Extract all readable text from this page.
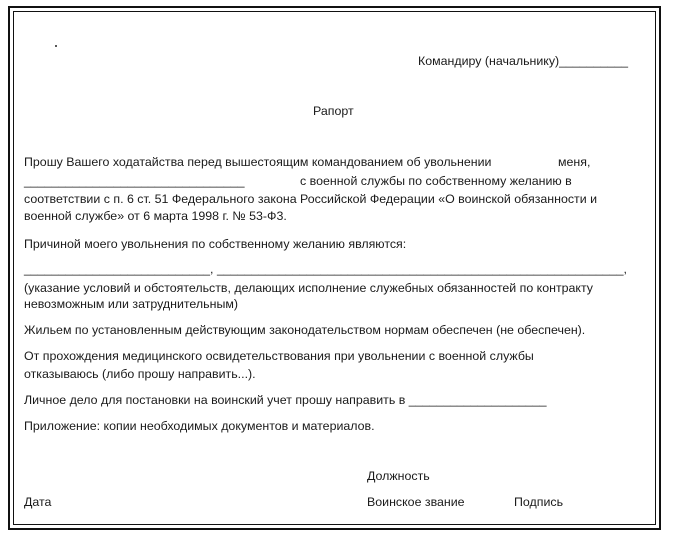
Командиру (начальнику)__________
Рапорт
Прошу Вашего ходатайства перед вышестоящим командованием об увольнении	меня,
________________________________	с военной службы по собственному желанию в
соответствии с п. 6 ст. 51 Федерального закона Российской Федерации «О воинской обязанности и
военной службе» от 6 марта 1998 г. № 53-Ф3.
Причиной моего увольнения по собственному желанию являются:
___________________________, ___________________________________________________________,
(указание условий и обстоятельств, делающих исполнение служебных обязанностей по контракту
невозможным или затруднительным)
Жильем по установленным действующим законодательством нормам обеспечен (не обеспечен).
От прохождения медицинского освидетельствования при увольнении с военной службы
отказываюсь (либо прошу направить...).
Личное дело для постановки на воинский учет прошу направить в ____________________
Приложение: копии необходимых документов и материалов.
Должность
Дата	Воинское звание	Подпись
